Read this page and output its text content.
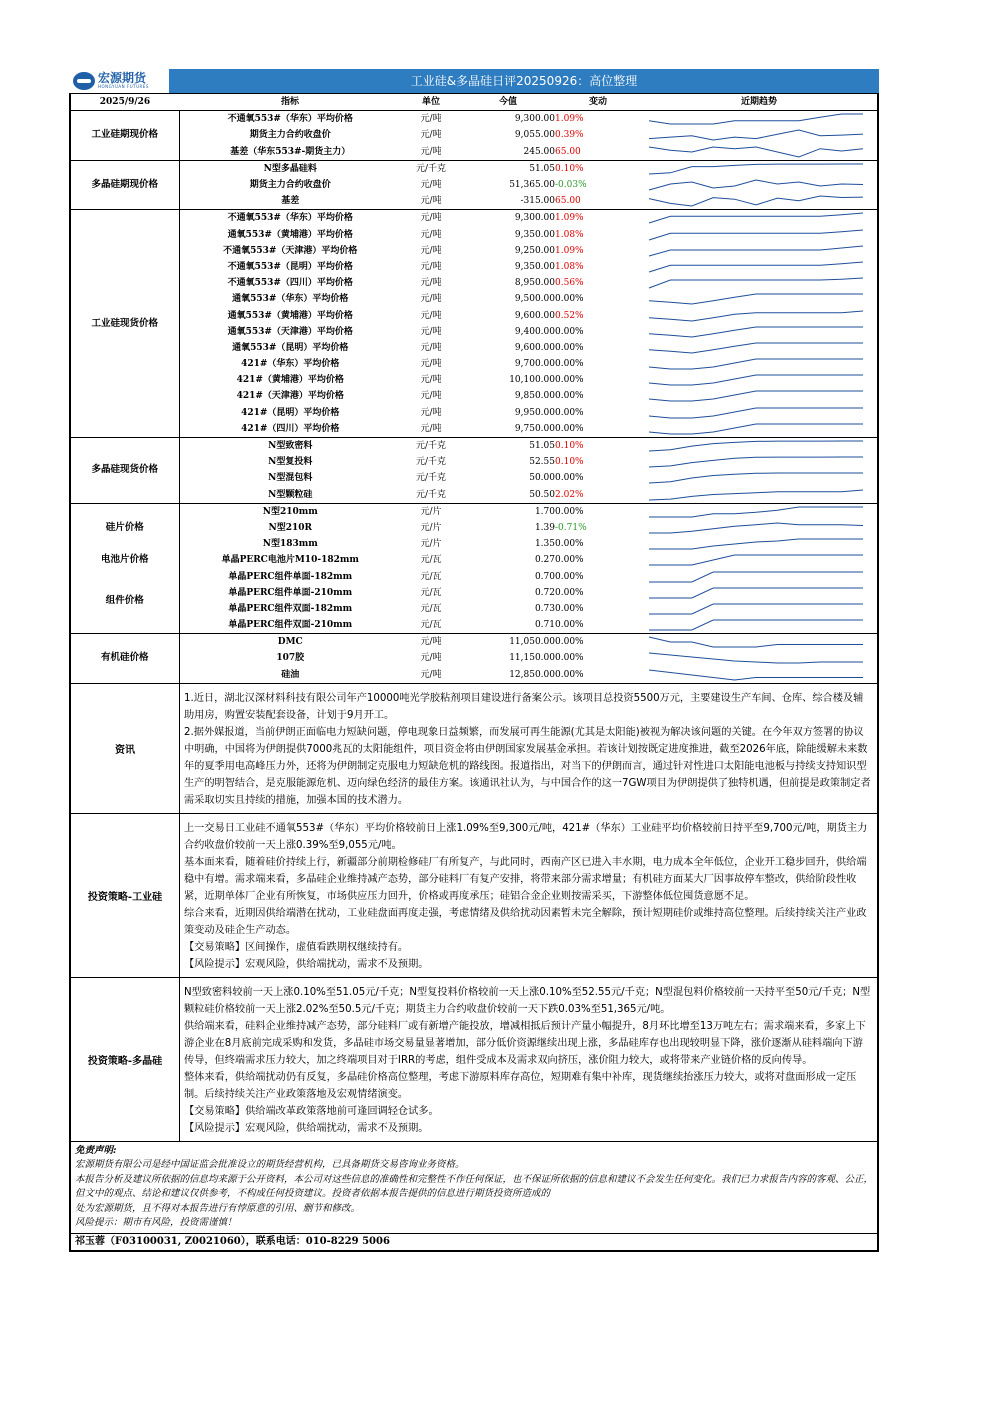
宏源期货
HONGYUAN FUTURES	工业硅&多晶硅日评20250926：高位整理
2025/9/26	指标	单位	今值	变动	近期趋势
工业硅期现价格	不通氧553#（华东）平均价格	元/吨	9,300.00	1.09%	

	期货主力合约收盘价	元/吨	9,055.00	0.39%	

	基差（华东553#-期货主力）	元/吨	245.00	65.00	

多晶硅期现价格	N型多晶硅料	元/千克	51.05	0.10%	

	期货主力合约收盘价	元/吨	51,365.00	-0.03%	

	基差	元/吨	-315.00	65.00	

工业硅现货价格	不通氧553#（华东）平均价格	元/吨	9,300.00	1.09%	

	通氧553#（黄埔港）平均价格	元/吨	9,350.00	1.08%	

	不通氧553#（天津港）平均价格	元/吨	9,250.00	1.09%	

	不通氧553#（昆明）平均价格	元/吨	9,350.00	1.08%	

	不通氧553#（四川）平均价格	元/吨	8,950.00	0.56%	

	通氧553#（华东）平均价格	元/吨	9,500.00	0.00%	

	通氧553#（黄埔港）平均价格	元/吨	9,600.00	0.52%	

	通氧553#（天津港）平均价格	元/吨	9,400.00	0.00%	

	通氧553#（昆明）平均价格	元/吨	9,600.00	0.00%	

	421#（华东）平均价格	元/吨	9,700.00	0.00%	

	421#（黄埔港）平均价格	元/吨	10,100.00	0.00%	

	421#（天津港）平均价格	元/吨	9,850.00	0.00%	

	421#（昆明）平均价格	元/吨	9,950.00	0.00%	

	421#（四川）平均价格	元/吨	9,750.00	0.00%	

多晶硅现货价格	N型致密料	元/千克	51.05	0.10%	

	N型复投料	元/千克	52.55	0.10%	

	N型混包料	元/千克	50.00	0.00%	

	N型颗粒硅	元/千克	50.50	2.02%	

硅片价格	N型210mm	元/片	1.70	0.00%	

	N型210R	元/片	1.39	-0.71%	

	N型183mm	元/片	1.35	0.00%	

电池片价格	单晶PERC电池片M10-182mm	元/瓦	0.27	0.00%	

组件价格	单晶PERC组件单面-182mm	元/瓦	0.70	0.00%	

	单晶PERC组件单面-210mm	元/瓦	0.72	0.00%	

	单晶PERC组件双面-182mm	元/瓦	0.73	0.00%	

	单晶PERC组件双面-210mm	元/瓦	0.71	0.00%	

有机硅价格	DMC	元/吨	11,050.00	0.00%	

	107胶	元/吨	11,150.00	0.00%	

	硅油	元/吨	12,850.00	0.00%	
资讯

1.近日，湖北汉深材料科技有限公司年产10000吨光学胶粘剂项目建设进行备案公示。该项目总投资5500万元，主要建设生产车间、仓库、综合楼及辅助用房，购置安装配套设备，计划于9月开工。

2.据外媒报道，当前伊朗正面临电力短缺问题，停电现象日益频繁，而发展可再生能源(尤其是太阳能)被视为解决该问题的关键。在今年双方签署的协议中明确，中国将为伊朗提供7000兆瓦的太阳能组件，项目资金将由伊朗国家发展基金承担。若该计划按既定进度推进，截至2026年底，除能缓解未来数年的夏季用电高峰压力外，还将为伊朗制定克服电力短缺危机的路线图。报道指出，对当下的伊朗而言，通过针对性进口太阳能电池板与持续支持知识型生产的明智结合，是克服能源危机、迈向绿色经济的最佳方案。该通讯社认为，与中国合作的这一7GW项目为伊朗提供了独特机遇，但前提是政策制定者需采取切实且持续的措施，加强本国的技术潜力。

投资策略-工业硅

上一交易日工业硅不通氧553#（华东）平均价格较前日上涨1.09%至9,300元/吨，421#（华东）工业硅平均价格较前日持平至9,700元/吨，期货主力合约收盘价较前一天上涨0.39%至9,055元/吨。

基本面来看，随着硅价持续上行，新疆部分前期检修硅厂有所复产，与此同时，西南产区已进入丰水期，电力成本全年低位，企业开工稳步回升，供给端稳中有增。需求端来看，多晶硅企业维持减产态势，部分硅料厂有复产安排，将带来部分需求增量；有机硅方面某大厂因事故停车整改，供给阶段性收紧，近期单体厂企业有所恢复，市场供应压力回升，价格或再度承压；硅铝合金企业则按需采买，下游整体低位囤货意愿不足。

综合来看，近期因供给端潜在扰动，工业硅盘面再度走强，考虑情绪及供给扰动因素暂未完全解除，预计短期硅价或维持高位整理。后续持续关注产业政策变动及硅企生产动态。

【交易策略】区间操作，虚值看跌期权继续持有。

【风险提示】宏观风险，供给端扰动，需求不及预期。

投资策略-多晶硅

N型致密料较前一天上涨0.10%至51.05元/千克；N型复投料价格较前一天上涨0.10%至52.55元/千克；N型混包料价格较前一天持平至50元/千克；N型颗粒硅价格较前一天上涨2.02%至50.5元/千克；期货主力合约收盘价较前一天下跌0.03%至51,365元/吨。

供给端来看，硅料企业维持减产态势，部分硅料厂或有新增产能投放，增减相抵后预计产量小幅提升，8月环比增至13万吨左右；需求端来看，多家上下游企业在8月底前完成采购和发货，多晶硅市场交易量显著增加，部分低价资源继续出现上涨，多晶硅库存也出现较明显下降，涨价逐渐从硅料端向下游传导，但终端需求压力较大，加之终端项目对于IRR的考虑，组件受成本及需求双向挤压，涨价阻力较大，或将带来产业链价格的反向传导。

整体来看，供给端扰动仍有反复，多晶硅价格高位整理，考虑下游原料库存高位，短期难有集中补库，现货继续抬涨压力较大，或将对盘面形成一定压制。后续持续关注产业政策落地及宏观情绪演变。

【交易策略】供给端改革政策落地前可逢回调轻仓试多。

【风险提示】宏观风险，供给端扰动，需求不及预期。

免责声明:

宏源期货有限公司是经中国证监会批准设立的期货经营机构，已具备期货交易咨询业务资格。

本报告分析及建议所依据的信息均来源于公开资料，本公司对这些信息的准确性和完整性不作任何保证，也不保证所依据的信息和建议不会发生任何变化。我们已力求报告内容的客观、公正，但文中的观点、结论和建议仅供参考，不构成任何投资建议。投资者依据本报告提供的信息进行期货投资所造成的

处为宏源期货，且不得对本报告进行有悖原意的引用、删节和修改。

风险提示：期市有风险，投资需谨慎！

祁玉蓉（F03100031, Z0021060），联系电话：010-8229 5006
